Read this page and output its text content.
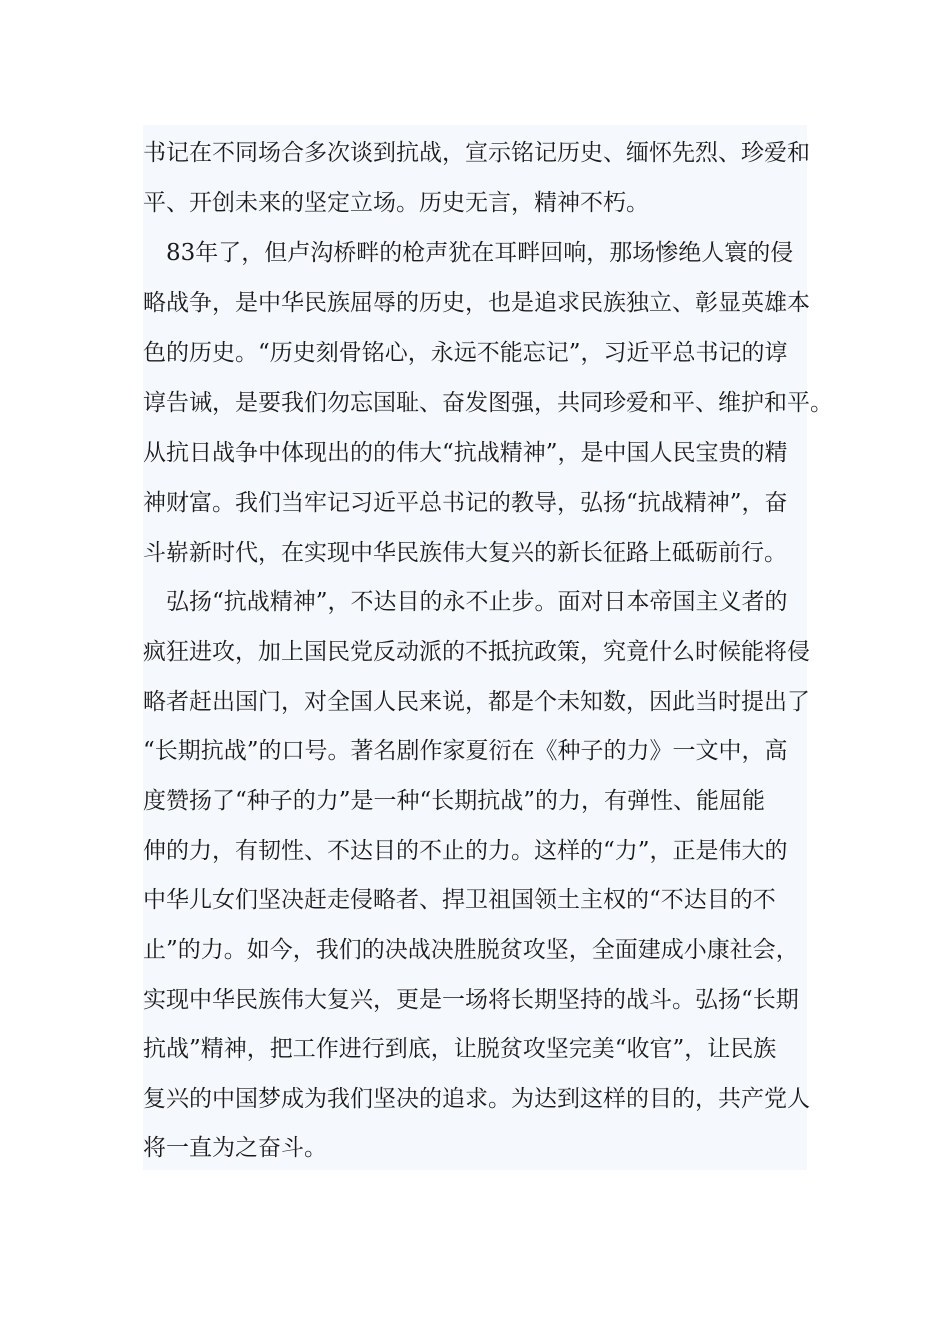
书记在不同场合多次谈到抗战，宣示铭记历史、缅怀先烈、珍爱和
平、开创未来的坚定立场。历史无言，精神不朽。
　83年了，但卢沟桥畔的枪声犹在耳畔回响，那场惨绝人寰的侵
略战争，是中华民族屈辱的历史，也是追求民族独立、彰显英雄本
色的历史。“历史刻骨铭心，永远不能忘记”，习近平总书记的谆
谆告诫，是要我们勿忘国耻、奋发图强，共同珍爱和平、维护和平。
从抗日战争中体现出的的伟大“抗战精神”，是中国人民宝贵的精
神财富。我们当牢记习近平总书记的教导，弘扬“抗战精神”，奋
斗崭新时代，在实现中华民族伟大复兴的新长征路上砥砺前行。
　弘扬“抗战精神”，不达目的永不止步。面对日本帝国主义者的
疯狂进攻，加上国民党反动派的不抵抗政策，究竟什么时候能将侵
略者赶出国门，对全国人民来说，都是个未知数，因此当时提出了
“长期抗战”的口号。著名剧作家夏衍在《种子的力》一文中，高
度赞扬了“种子的力”是一种“长期抗战”的力，有弹性、能屈能
伸的力，有韧性、不达目的不止的力。这样的“力”，正是伟大的
中华儿女们坚决赶走侵略者、捍卫祖国领土主权的“不达目的不
止”的力。如今，我们的决战决胜脱贫攻坚，全面建成小康社会，
实现中华民族伟大复兴，更是一场将长期坚持的战斗。弘扬“长期
抗战”精神，把工作进行到底，让脱贫攻坚完美“收官”，让民族
复兴的中国梦成为我们坚决的追求。为达到这样的目的，共产党人
将一直为之奋斗。
